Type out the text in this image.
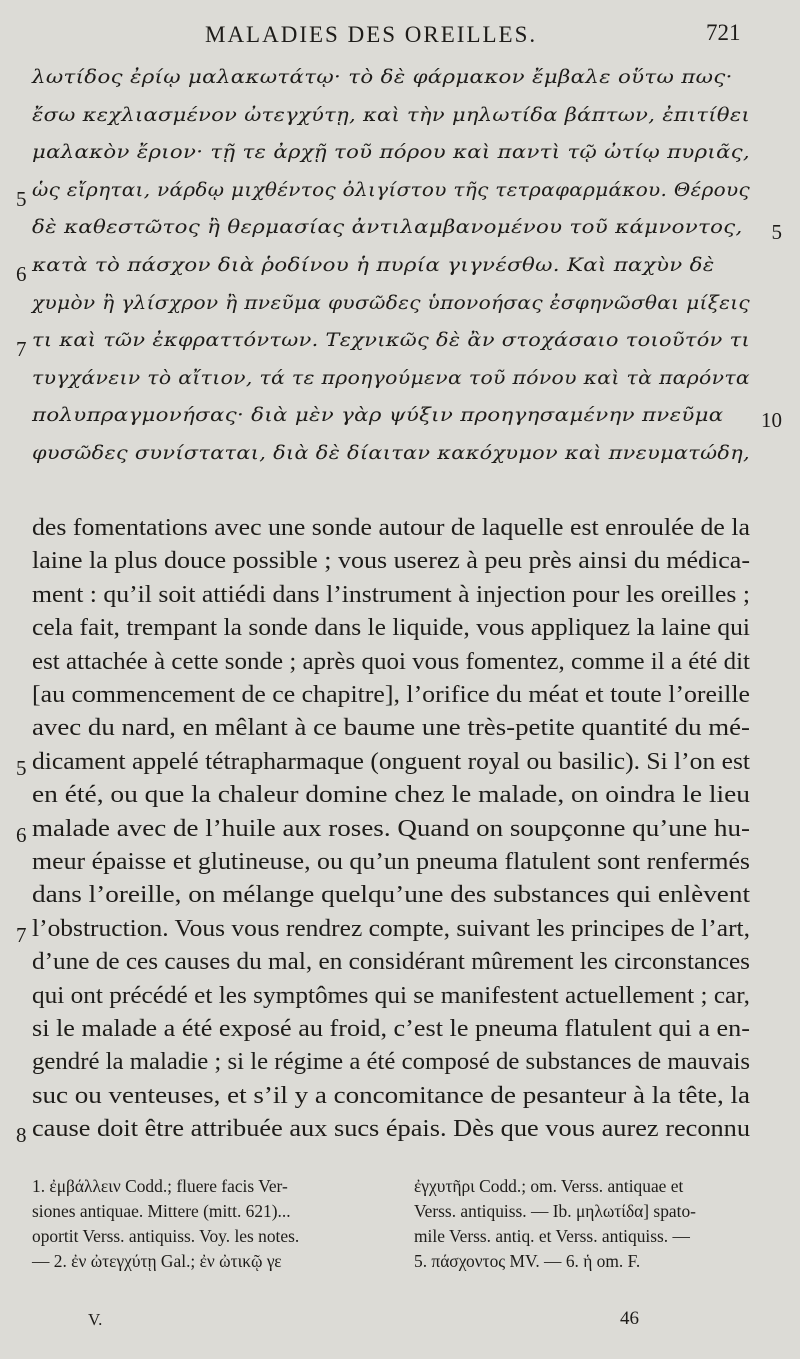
MALADIES DES OREILLES.	721
λωτίδος ἐρίῳ μαλακωτάτῳ· τὸ δὲ φάρμακον ἔμβαλε οὕτω πως·
ἔσω κεχλιασμένον ὠτεγχύτῃ, καὶ τὴν μηλωτίδα βάπτων, ἐπιτίθει
μαλακὸν ἔριον· τῇ τε ἀρχῇ τοῦ πόρου καὶ παντὶ τῷ ὠτίῳ πυριᾶς,
ὡς εἴρηται, νάρδῳ μιχθέντος ὀλιγίστου τῆς τετραφαρμάκου. Θέρους
5
δὲ καθεστῶτος ἢ θερμασίας ἀντιλαμβανομένου τοῦ κάμνοντος, 5
κατὰ τὸ πάσχον διὰ ῥοδίνου ἡ πυρία γιγνέσθω. Καὶ παχὺν δὲ
6
χυμὸν ἢ γλίσχρον ἢ πνεῦμα φυσῶδες ὑπονοήσας ἐσφηνῶσθαι μίξεις
τι καὶ τῶν ἐκφραττόντων. Τεχνικῶς δὲ ἂν στοχάσαιο τοιοῦτόν τι
7
τυγχάνειν τὸ αἴτιον, τά τε προηγούμενα τοῦ πόνου καὶ τὰ παρόντα
πολυπραγμονήσας· διὰ μὲν γὰρ ψύξιν προηγησαμένην πνεῦμα 10
φυσῶδες συνίσταται, διὰ δὲ δίαιταν κακόχυμον καὶ πνευματώδη,
des fomentations avec une sonde autour de laquelle est enroulée de la
laine la plus douce possible ; vous userez à peu près ainsi du médica-
ment : qu’il soit attiédi dans l’instrument à injection pour les oreilles ;
cela fait, trempant la sonde dans le liquide, vous appliquez la laine qui
est attachée à cette sonde ; après quoi vous fomentez, comme il a été dit
[au commencement de ce chapitre], l’orifice du méat et toute l’oreille
avec du nard, en mêlant à ce baume une très-petite quantité du mé-
dicament appelé tétrapharmaque (onguent royal ou basilic). Si l’on est
5
en été, ou que la chaleur domine chez le malade, on oindra le lieu
malade avec de l’huile aux roses. Quand on soupçonne qu’une hu-
6
meur épaisse et glutineuse, ou qu’un pneuma flatulent sont renfermés
dans l’oreille, on mélange quelqu’une des substances qui enlèvent
l’obstruction. Vous vous rendrez compte, suivant les principes de l’art,
7
d’une de ces causes du mal, en considérant mûrement les circonstances
qui ont précédé et les symptômes qui se manifestent actuellement ; car,
si le malade a été exposé au froid, c’est le pneuma flatulent qui a en-
gendré la maladie ; si le régime a été composé de substances de mauvais
suc ou venteuses, et s’il y a concomitance de pesanteur à la tête, la
cause doit être attribuée aux sucs épais. Dès que vous aurez reconnu
8
1. ἐμβάλλειν Codd.; fluere facis Ver-
siones antiquae. Mittere (mitt. 621)...
oportit Verss. antiquiss. Voy. les notes.
— 2. ἐν ὠτεγχύτῃ Gal.; ἐν ὠτικῷ γε
ἐγχυτῆρι Codd.; om. Verss. antiquae et
Verss. antiquiss. — Ib. μηλωτίδα] spato-
mile Verss. antiq. et Verss. antiquiss. —
5. πάσχοντος MV. — 6. ἡ om. F.
V.	46
